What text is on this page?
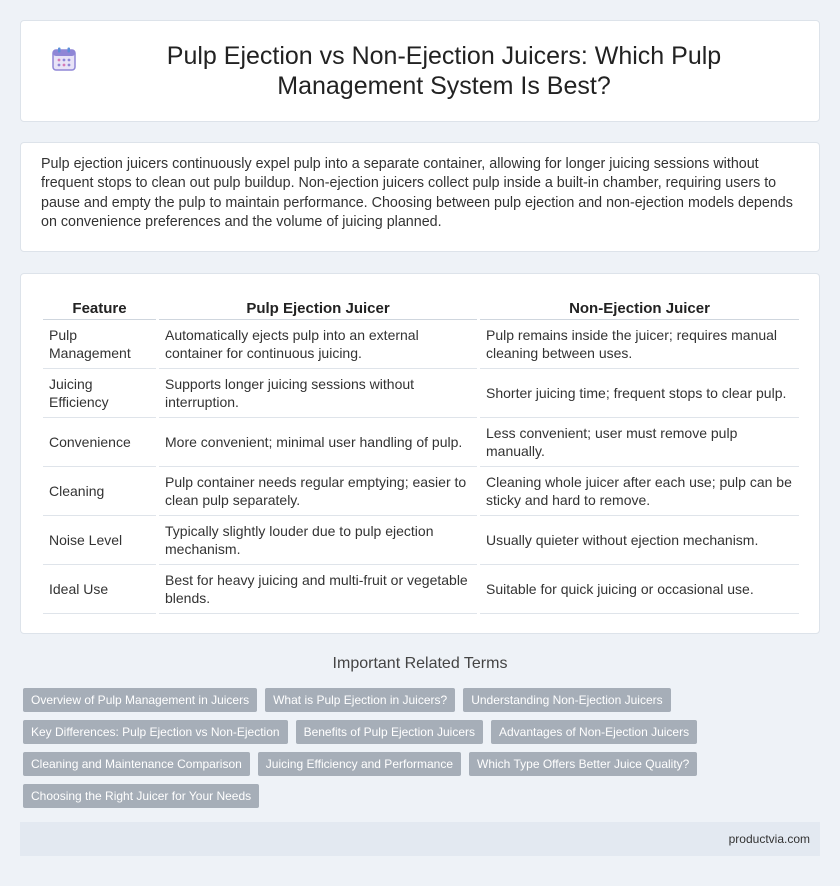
Pulp Ejection vs Non-Ejection Juicers: Which Pulp Management System Is Best?

Pulp ejection juicers continuously expel pulp into a separate container, allowing for longer juicing sessions without frequent stops to clean out pulp buildup. Non-ejection juicers collect pulp inside a built-in chamber, requiring users to pause and empty the pulp to maintain performance. Choosing between pulp ejection and non-ejection models depends on convenience preferences and the volume of juicing planned.

Feature	Pulp Ejection Juicer	Non-Ejection Juicer
Pulp Management	Automatically ejects pulp into an external container for continuous juicing.	Pulp remains inside the juicer; requires manual cleaning between uses.
Juicing Efficiency	Supports longer juicing sessions without interruption.	Shorter juicing time; frequent stops to clear pulp.
Convenience	More convenient; minimal user handling of pulp.	Less convenient; user must remove pulp manually.
Cleaning	Pulp container needs regular emptying; easier to clean pulp separately.	Cleaning whole juicer after each use; pulp can be sticky and hard to remove.
Noise Level	Typically slightly louder due to pulp ejection mechanism.	Usually quieter without ejection mechanism.
Ideal Use	Best for heavy juicing and multi-fruit or vegetable blends.	Suitable for quick juicing or occasional use.
Important Related Terms
Overview of Pulp Management in Juicers	What is Pulp Ejection in Juicers?	Understanding Non-Ejection Juicers
Key Differences: Pulp Ejection vs Non-Ejection	Benefits of Pulp Ejection Juicers	Advantages of Non-Ejection Juicers
Cleaning and Maintenance Comparison	Juicing Efficiency and Performance	Which Type Offers Better Juice Quality?
Choosing the Right Juicer for Your Needs
productvia.com
